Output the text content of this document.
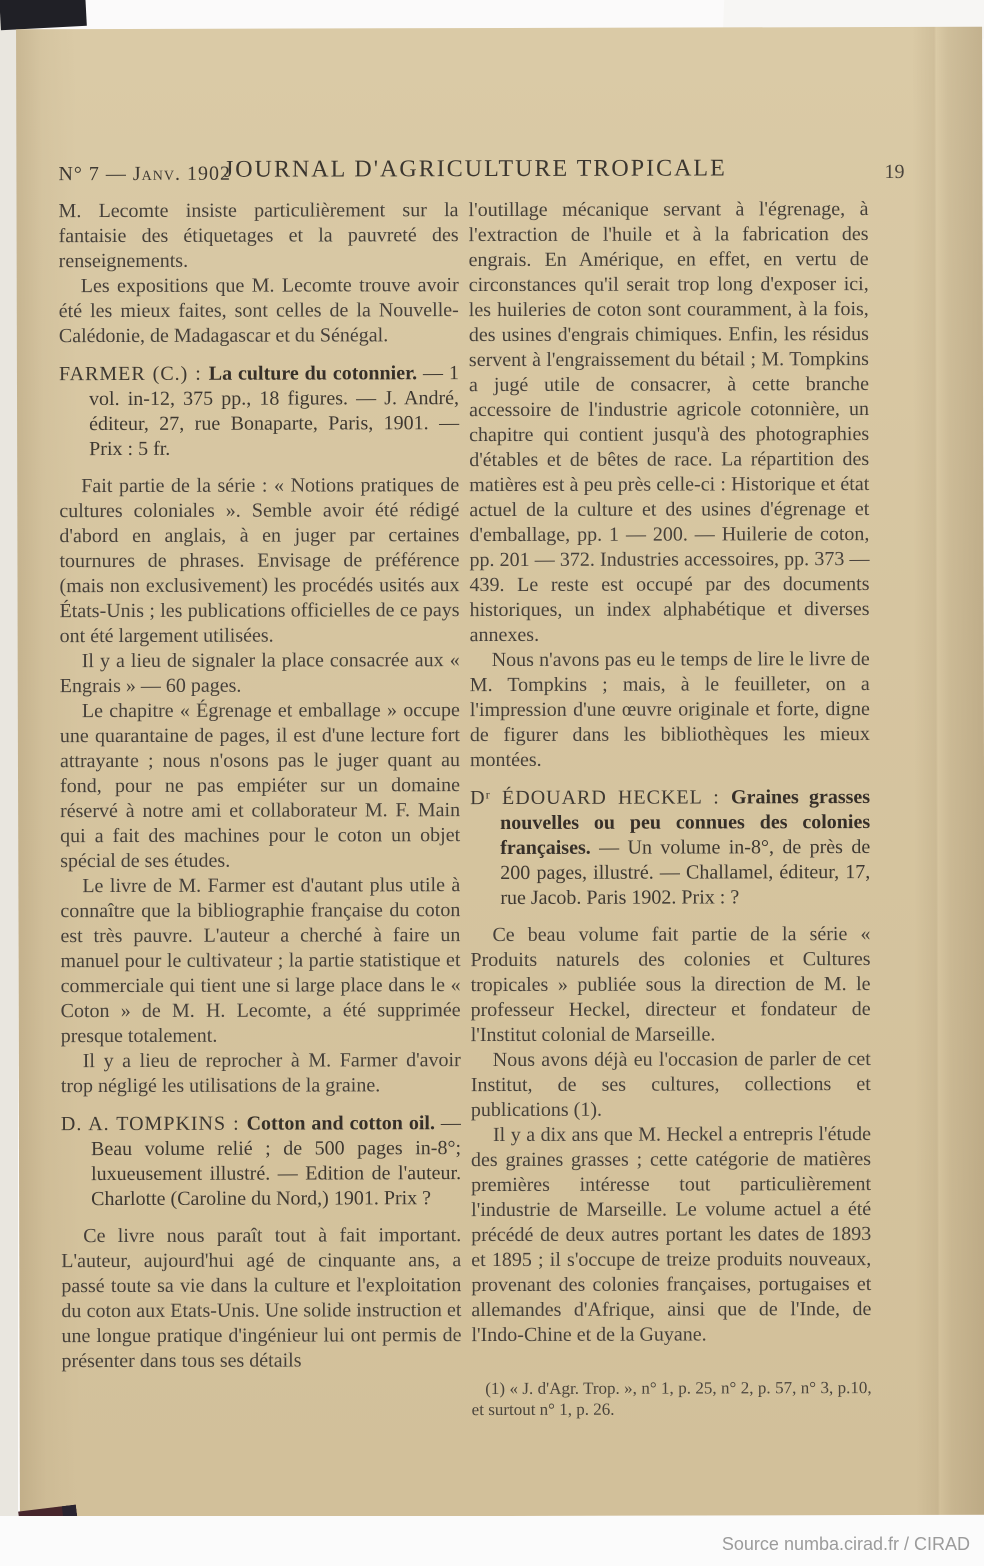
N° 7 — Janv. 1902
JOURNAL D'AGRICULTURE TROPICALE	19

M. Lecomte insiste particulièrement sur la fantaisie des étiquetages et la pauvreté des renseignements.

Les expositions que M. Lecomte trouve avoir été les mieux faites, sont celles de la Nouvelle-Calédonie, de Madagascar et du Sénégal.

FARMER (C.) : La culture du cotonnier. — 1 vol. in-12, 375 pp., 18 figures. — J. André, éditeur, 27, rue Bonaparte, Paris, 1901. — Prix : 5 fr.

Fait partie de la série : « Notions pratiques de cultures coloniales ». Semble avoir été rédigé d'abord en anglais, à en juger par certaines tournures de phrases. Envisage de préférence (mais non exclusivement) les procédés usités aux États-Unis ; les publications officielles de ce pays ont été largement utilisées.

Il y a lieu de signaler la place consacrée aux « Engrais » — 60 pages.

Le chapitre « Égrenage et emballage » occupe une quarantaine de pages, il est d'une lecture fort attrayante ; nous n'osons pas le juger quant au fond, pour ne pas empiéter sur un domaine réservé à notre ami et collaborateur M. F. Main qui a fait des machines pour le coton un objet spécial de ses études.

Le livre de M. Farmer est d'autant plus utile à connaître que la bibliographie française du coton est très pauvre. L'auteur a cherché à faire un manuel pour le cultivateur ; la partie statistique et commerciale qui tient une si large place dans le « Coton » de M. H. Lecomte, a été supprimée presque totalement.

Il y a lieu de reprocher à M. Farmer d'avoir trop négligé les utilisations de la graine.

D. A. TOMPKINS : Cotton and cotton oil. — Beau volume relié ; de 500 pages in-8°; luxueusement illustré. — Edition de l'auteur. Charlotte (Caroline du Nord,) 1901. Prix ?

Ce livre nous paraît tout à fait important. L'auteur, aujourd'hui agé de cinquante ans, a passé toute sa vie dans la culture et l'exploitation du coton aux Etats-Unis. Une solide instruction et une longue pratique d'ingénieur lui ont permis de présenter dans tous ses détails

l'outillage mécanique servant à l'égrenage, à l'extraction de l'huile et à la fabrication des engrais. En Amérique, en effet, en vertu de circonstances qu'il serait trop long d'exposer ici, les huileries de coton sont couramment, à la fois, des usines d'engrais chimiques. Enfin, les résidus servent à l'engraissement du bétail ; M. Tompkins a jugé utile de consacrer, à cette branche accessoire de l'industrie agricole cotonnière, un chapitre qui contient jusqu'à des photographies d'étables et de bêtes de race. La répartition des matières est à peu près celle-ci : Historique et état actuel de la culture et des usines d'égrenage et d'emballage, pp. 1 — 200. — Huilerie de coton, pp. 201 — 372. Industries accessoires, pp. 373 — 439. Le reste est occupé par des documents historiques, un index alphabétique et diverses annexes.

Nous n'avons pas eu le temps de lire le livre de M. Tompkins ; mais, à le feuilleter, on a l'impression d'une œuvre originale et forte, digne de figurer dans les bibliothèques les mieux montées.

Dʳ ÉDOUARD HECKEL : Graines grasses nouvelles ou peu connues des colonies françaises. — Un volume in-8°, de près de 200 pages, illustré. — Challamel, éditeur, 17, rue Jacob. Paris 1902. Prix : ?

Ce beau volume fait partie de la série « Produits naturels des colonies et Cultures tropicales » publiée sous la direction de M. le professeur Heckel, directeur et fondateur de l'Institut colonial de Marseille.

Nous avons déjà eu l'occasion de parler de cet Institut, de ses cultures, collections et publications (1).

Il y a dix ans que M. Heckel a entrepris l'étude des graines grasses ; cette catégorie de matières premières intéresse tout particulièrement l'industrie de Marseille. Le volume actuel a été précédé de deux autres portant les dates de 1893 et 1895 ; il s'occupe de treize produits nouveaux, provenant des colonies françaises, portugaises et allemandes d'Afrique, ainsi que de l'Inde, de l'Indo-Chine et de la Guyane.

(1) « J. d'Agr. Trop. », n° 1, p. 25, n° 2, p. 57, n° 3, p.10, et surtout n° 1, p. 26.

Source numba.cirad.fr / CIRAD
